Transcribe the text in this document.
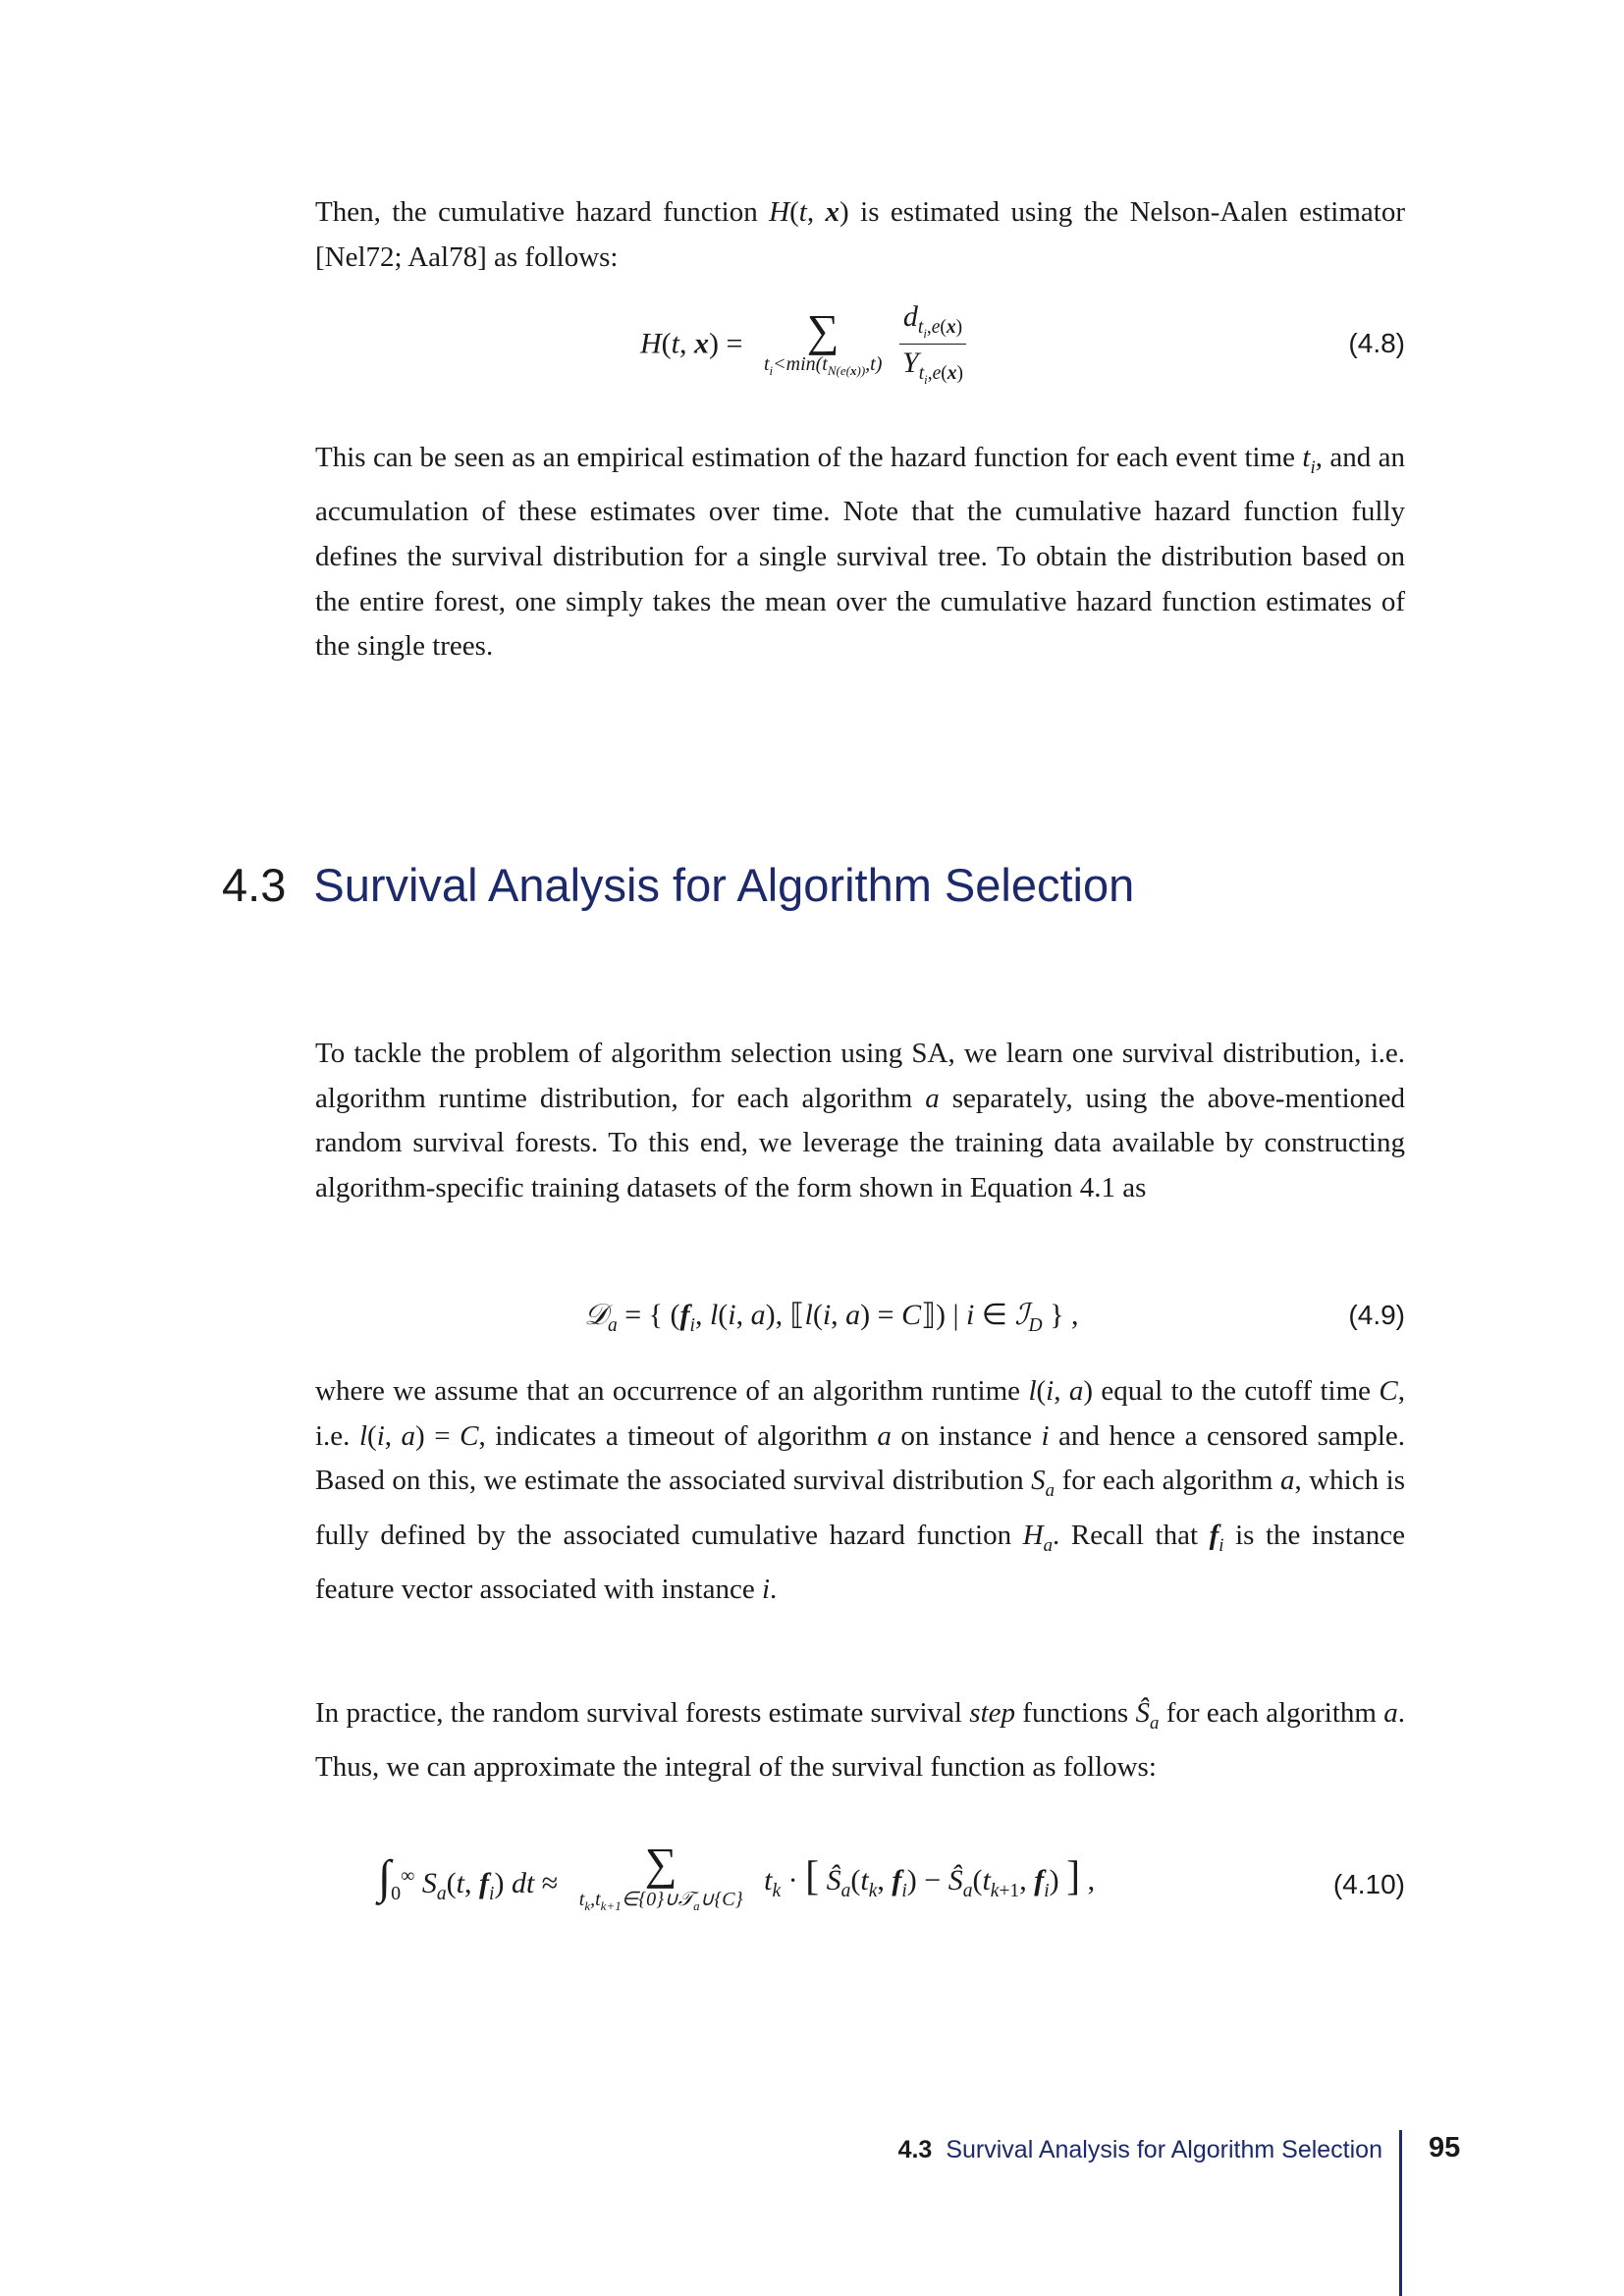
Then, the cumulative hazard function H(t, x) is estimated using the Nelson-Aalen estimator [Nel72; Aal78] as follows:
H(t, x) =	∑
$t_i<\min(t_{N(e(x))},t)$
$\frac{d_{t_i,e(x)}}{Y_{t_i,e(x)}}$	(4.8)
This can be seen as an empirical estimation of the hazard function for each event time $t_i$, and an accumulation of these estimates over time. Note that the cumulative hazard function fully defines the survival distribution for a single survival tree. To obtain the distribution based on the entire forest, one simply takes the mean over the cumulative hazard function estimates of the single trees.
4.3 Survival Analysis for Algorithm Selection
To tackle the problem of algorithm selection using SA, we learn one survival distribution, i.e. algorithm runtime distribution, for each algorithm a separately, using the above-mentioned random survival forests. To this end, we leverage the training data available by constructing algorithm-specific training datasets of the form shown in Equation 4.1 as
𝒟$_a$ = { ($f_i$, l(i, a), ⟦l(i, a) = C⟧) | i ∈ ℐ$_D$ } ,	(4.9)
where we assume that an occurrence of an algorithm runtime l(i, a) equal to the cutoff time C, i.e. l(i, a) = C, indicates a timeout of algorithm a on instance i and hence a censored sample. Based on this, we estimate the associated survival distribution $S_a$ for each algorithm a, which is fully defined by the associated cumulative hazard function $H_a$. Recall that $f_i$ is the instance feature vector associated with instance i.
In practice, the random survival forests estimate survival step functions $Ŝ_a$ for each algorithm a. Thus, we can approximate the integral of the survival function as follows:
$\int_0^\infty$ $S_a(t$, $f_i$) dt ≈	∑
$t_k,t_{k+1}\in\{0\}\cup 𝒯_a\cup\{C\}$
$t_k$ · [ $Ŝ_a(t_k$, $f_i$) − $Ŝ_a(t_{k+1}$, $f_i$) ] ,	(4.10)
4.3 Survival Analysis for Algorithm Selection 95
